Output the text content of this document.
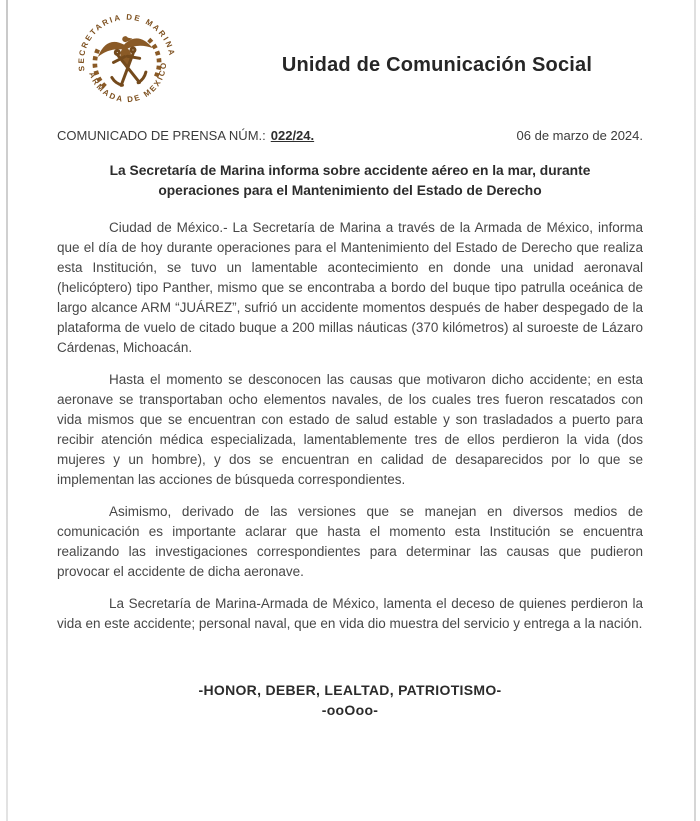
SECRETARIA DE MARINA
ARMADA DE MEXICO	Unidad de Comunicación Social
COMUNICADO DE PRENSA NÚM.: 022/24.	06 de marzo de 2024.
La Secretaría de Marina informa sobre accidente aéreo en la mar, durante
operaciones para el Mantenimiento del Estado de Derecho

Ciudad de México.- La Secretaría de Marina a través de la Armada de México, informa que el día de hoy durante operaciones para el Mantenimiento del Estado de Derecho que realiza esta Institución, se tuvo un lamentable acontecimiento en donde una unidad aeronaval (helicóptero) tipo Panther, mismo que se encontraba a bordo del buque tipo patrulla oceánica de largo alcance ARM “JUÁREZ”, sufrió un accidente momentos después de haber despegado de la plataforma de vuelo de citado buque a 200 millas náuticas (370 kilómetros) al suroeste de Lázaro Cárdenas, Michoacán.

Hasta el momento se desconocen las causas que motivaron dicho accidente; en esta aeronave se transportaban ocho elementos navales, de los cuales tres fueron rescatados con vida mismos que se encuentran con estado de salud estable y son trasladados a puerto para recibir atención médica especializada, lamentablemente tres de ellos perdieron la vida (dos mujeres y un hombre), y dos se encuentran en calidad de desaparecidos por lo que se implementan las acciones de búsqueda correspondientes.

Asimismo, derivado de las versiones que se manejan en diversos medios de comunicación es importante aclarar que hasta el momento esta Institución se encuentra realizando las investigaciones correspondientes para determinar las causas que pudieron provocar el accidente de dicha aeronave.

La Secretaría de Marina-Armada de México, lamenta el deceso de quienes perdieron la vida en este accidente; personal naval, que en vida dio muestra del servicio y entrega a la nación.

-HONOR, DEBER, LEALTAD, PATRIOTISMO-
-ooOoo-
